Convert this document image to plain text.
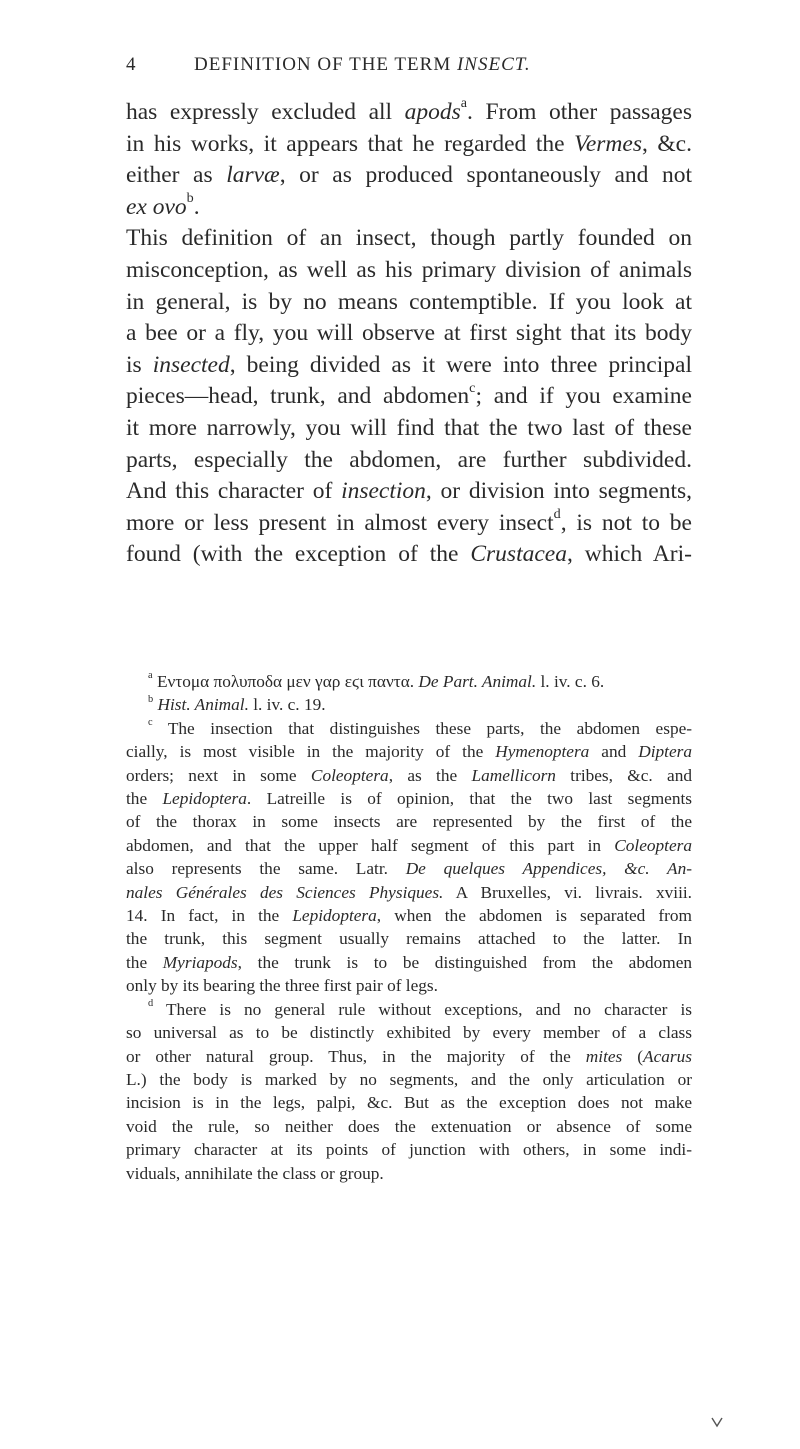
4	DEFINITION OF THE TERM INSECT.

has expressly excluded all apods$^a$. From other passages

in his works, it appears that he regarded the Vermes, &c.

either as larvæ, or as produced spontaneously and not

ex ovo$^b$.

This definition of an insect, though partly founded on

misconception, as well as his primary division of animals

in general, is by no means contemptible. If you look at

a bee or a fly, you will observe at first sight that its body

is insected, being divided as it were into three principal

pieces—head, trunk, and abdomen$^c$; and if you examine

it more narrowly, you will find that the two last of these

parts, especially the abdomen, are further subdivided.

And this character of insection, or division into segments,

more or less present in almost every insect$^d$, is not to be

found (with the exception of the Crustacea, which Ari-

$^a$ Εντομα πολυποδα μεν γαρ εϛι παντα. De Part. Animal. l. iv. c. 6.

$^b$ Hist. Animal. l. iv. c. 19.

$^c$ The insection that distinguishes these parts, the abdomen espe-

cially, is most visible in the majority of the Hymenoptera and Diptera

orders; next in some Coleoptera, as the Lamellicorn tribes, &c. and

the Lepidoptera. Latreille is of opinion, that the two last segments

of the thorax in some insects are represented by the first of the

abdomen, and that the upper half segment of this part in Coleoptera

also represents the same. Latr. De quelques Appendices, &c. An-

nales Générales des Sciences Physiques. A Bruxelles, vi. livrais. xviii.

14. In fact, in the Lepidoptera, when the abdomen is separated from

the trunk, this segment usually remains attached to the latter. In

the Myriapods, the trunk is to be distinguished from the abdomen

only by its bearing the three first pair of legs.

$^d$ There is no general rule without exceptions, and no character is

so universal as to be distinctly exhibited by every member of a class

or other natural group. Thus, in the majority of the mites (Acarus

L.) the body is marked by no segments, and the only articulation or

incision is in the legs, palpi, &c. But as the exception does not make

void the rule, so neither does the extenuation or absence of some

primary character at its points of junction with others, in some indi-

viduals, annihilate the class or group.
